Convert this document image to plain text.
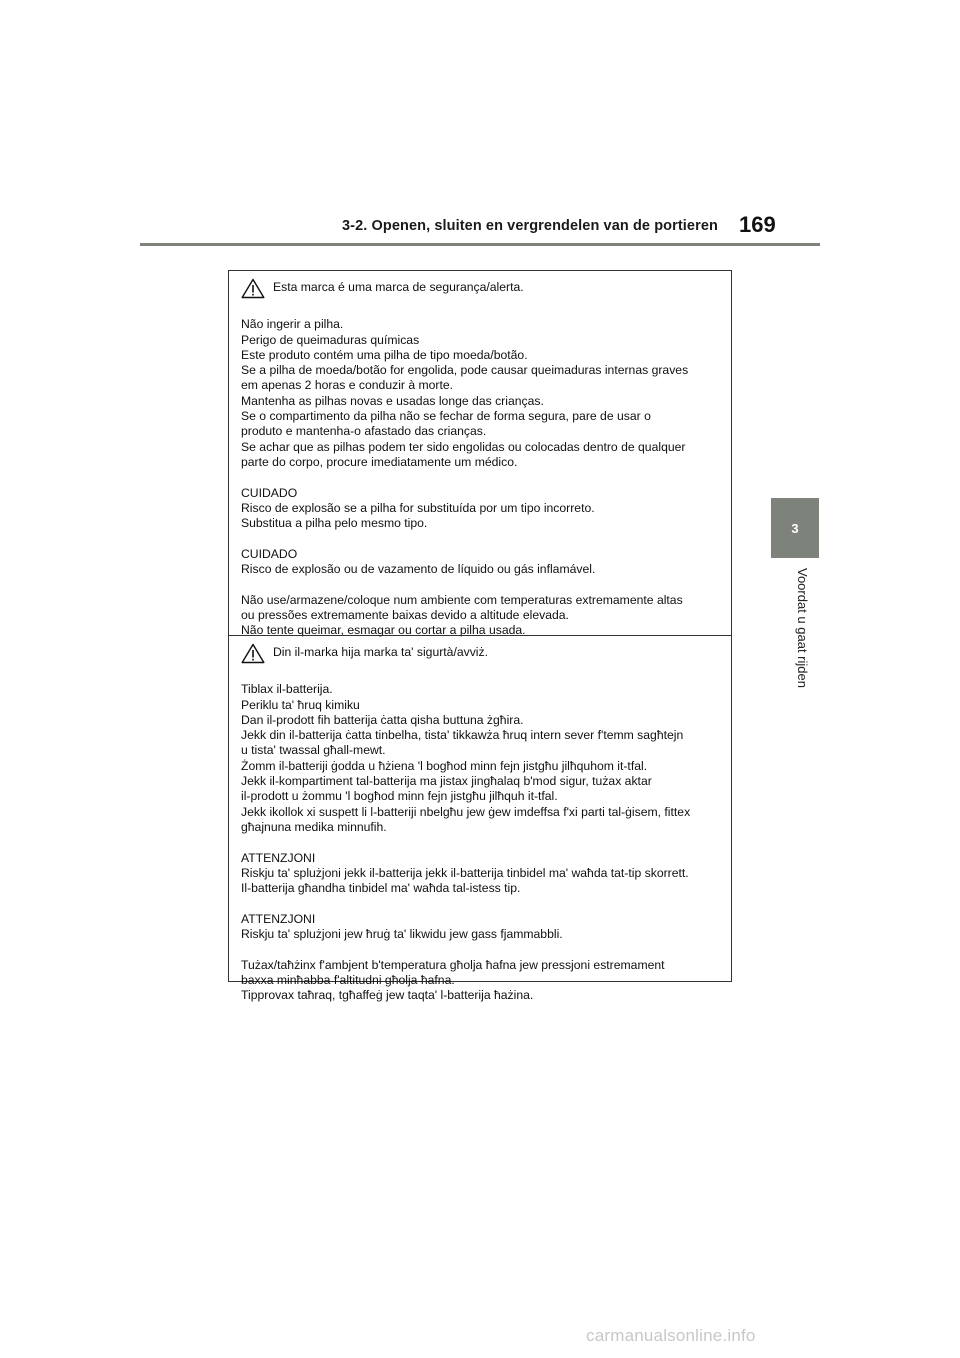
3-2. Openen, sluiten en vergrendelen van de portieren 169
3
Voordat u gaat rijden
Esta marca é uma marca de segurança/alerta.
Não ingerir a pilha.
Perigo de queimaduras químicas
Este produto contém uma pilha de tipo moeda/botão.
Se a pilha de moeda/botão for engolida, pode causar queimaduras internas graves
em apenas 2 horas e conduzir à morte.
Mantenha as pilhas novas e usadas longe das crianças.
Se o compartimento da pilha não se fechar de forma segura, pare de usar o
produto e mantenha-o afastado das crianças.
Se achar que as pilhas podem ter sido engolidas ou colocadas dentro de qualquer
parte do corpo, procure imediatamente um médico.
CUIDADO
Risco de explosão se a pilha for substituída por um tipo incorreto.
Substitua a pilha pelo mesmo tipo.
CUIDADO
Risco de explosão ou de vazamento de líquido ou gás inflamável.
Não use/armazene/coloque num ambiente com temperaturas extremamente altas
ou pressões extremamente baixas devido a altitude elevada.
Não tente queimar, esmagar ou cortar a pilha usada.
Din il-marka hija marka ta' sigurtà/avviż.
Tiblax il-batterija.
Periklu ta' ħruq kimiku
Dan il-prodott fih batterija ċatta qisha buttuna żgħira.
Jekk din il-batterija ċatta tinbelha, tista' tikkawża ħruq intern sever f'temm sagħtejn
u tista' twassal għall-mewt.
Żomm il-batteriji ġodda u ħżiena 'l bogħod minn fejn jistgħu jilħquhom it-tfal.
Jekk il-kompartiment tal-batterija ma jistax jingħalaq b'mod sigur, tużax aktar
il-prodott u żommu 'l bogħod minn fejn jistgħu jilħquh it-tfal.
Jekk ikollok xi suspett li l-batteriji nbelgħu jew ġew imdeffsa f'xi parti tal-ġisem, fittex
għajnuna medika minnufih.
ATTENZJONI
Riskju ta' splużjoni jekk il-batterija jekk il-batterija tinbidel ma' waħda tat-tip skorrett.
Il-batterija għandha tinbidel ma' waħda tal-istess tip.
ATTENZJONI
Riskju ta' splużjoni jew ħruġ ta' likwidu jew gass fjammabbli.
Tużax/taħżinx f'ambjent b'temperatura għolja ħafna jew pressjoni estremament
baxxa minħabba f'altitudni għolja ħafna.
Tipprovax taħraq, tgħaffeġ jew taqta' l-batterija ħażina.
carmanualsonline.info
